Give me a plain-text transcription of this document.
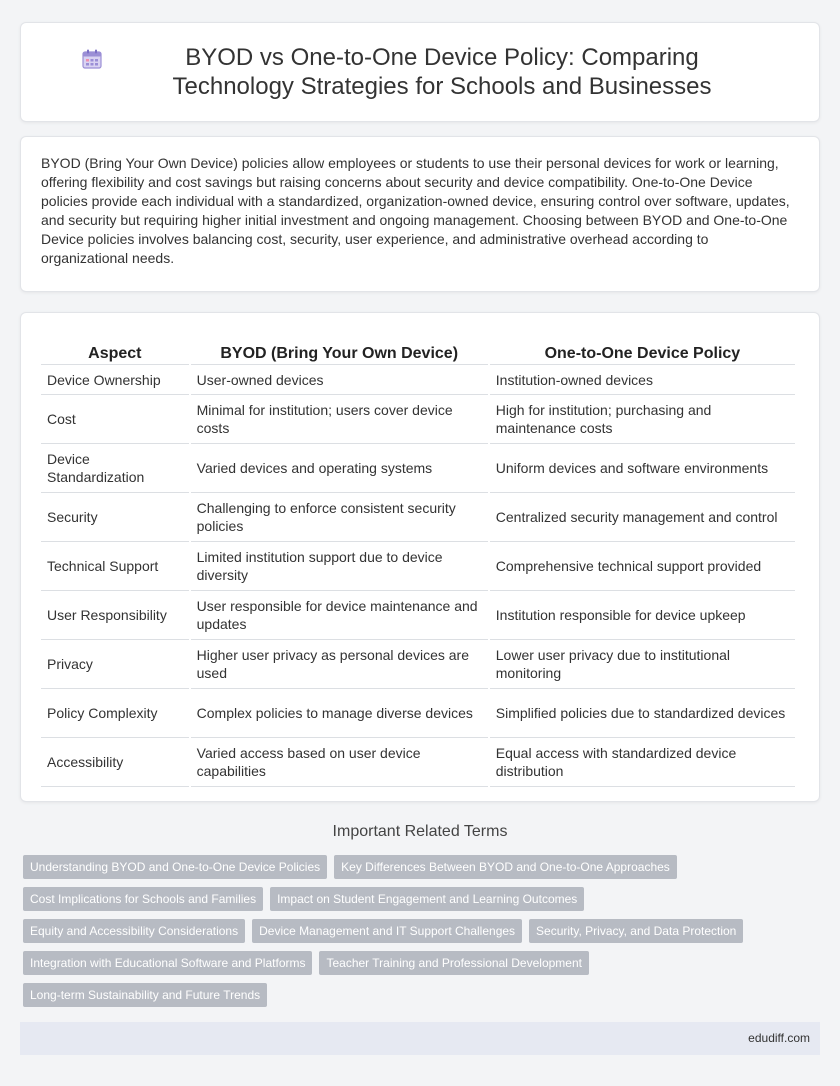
BYOD vs One-to-One Device Policy: Comparing Technology Strategies for Schools and Businesses

BYOD (Bring Your Own Device) policies allow employees or students to use their personal devices for work or learning, offering flexibility and cost savings but raising concerns about security and device compatibility. One-to-One Device policies provide each individual with a standardized, organization-owned device, ensuring control over software, updates, and security but requiring higher initial investment and ongoing management. Choosing between BYOD and One-to-One Device policies involves balancing cost, security, user experience, and administrative overhead according to organizational needs.

Aspect	BYOD (Bring Your Own Device)	One-to-One Device Policy
Device Ownership	User-owned devices	Institution-owned devices
Cost	Minimal for institution; users cover device costs	High for institution; purchasing and maintenance costs
Device Standardization	Varied devices and operating systems	Uniform devices and software environments
Security	Challenging to enforce consistent security policies	Centralized security management and control
Technical Support	Limited institution support due to device diversity	Comprehensive technical support provided
User Responsibility	User responsible for device maintenance and updates	Institution responsible for device upkeep
Privacy	Higher user privacy as personal devices are used	Lower user privacy due to institutional monitoring
Policy Complexity	Complex policies to manage diverse devices	Simplified policies due to standardized devices
Accessibility	Varied access based on user device capabilities	Equal access with standardized device distribution
Important Related Terms
Understanding BYOD and One-to-One Device Policies	Key Differences Between BYOD and One-to-One Approaches
Cost Implications for Schools and Families	Impact on Student Engagement and Learning Outcomes
Equity and Accessibility Considerations	Device Management and IT Support Challenges	Security, Privacy, and Data Protection
Integration with Educational Software and Platforms	Teacher Training and Professional Development
Long-term Sustainability and Future Trends
edudiff.com
